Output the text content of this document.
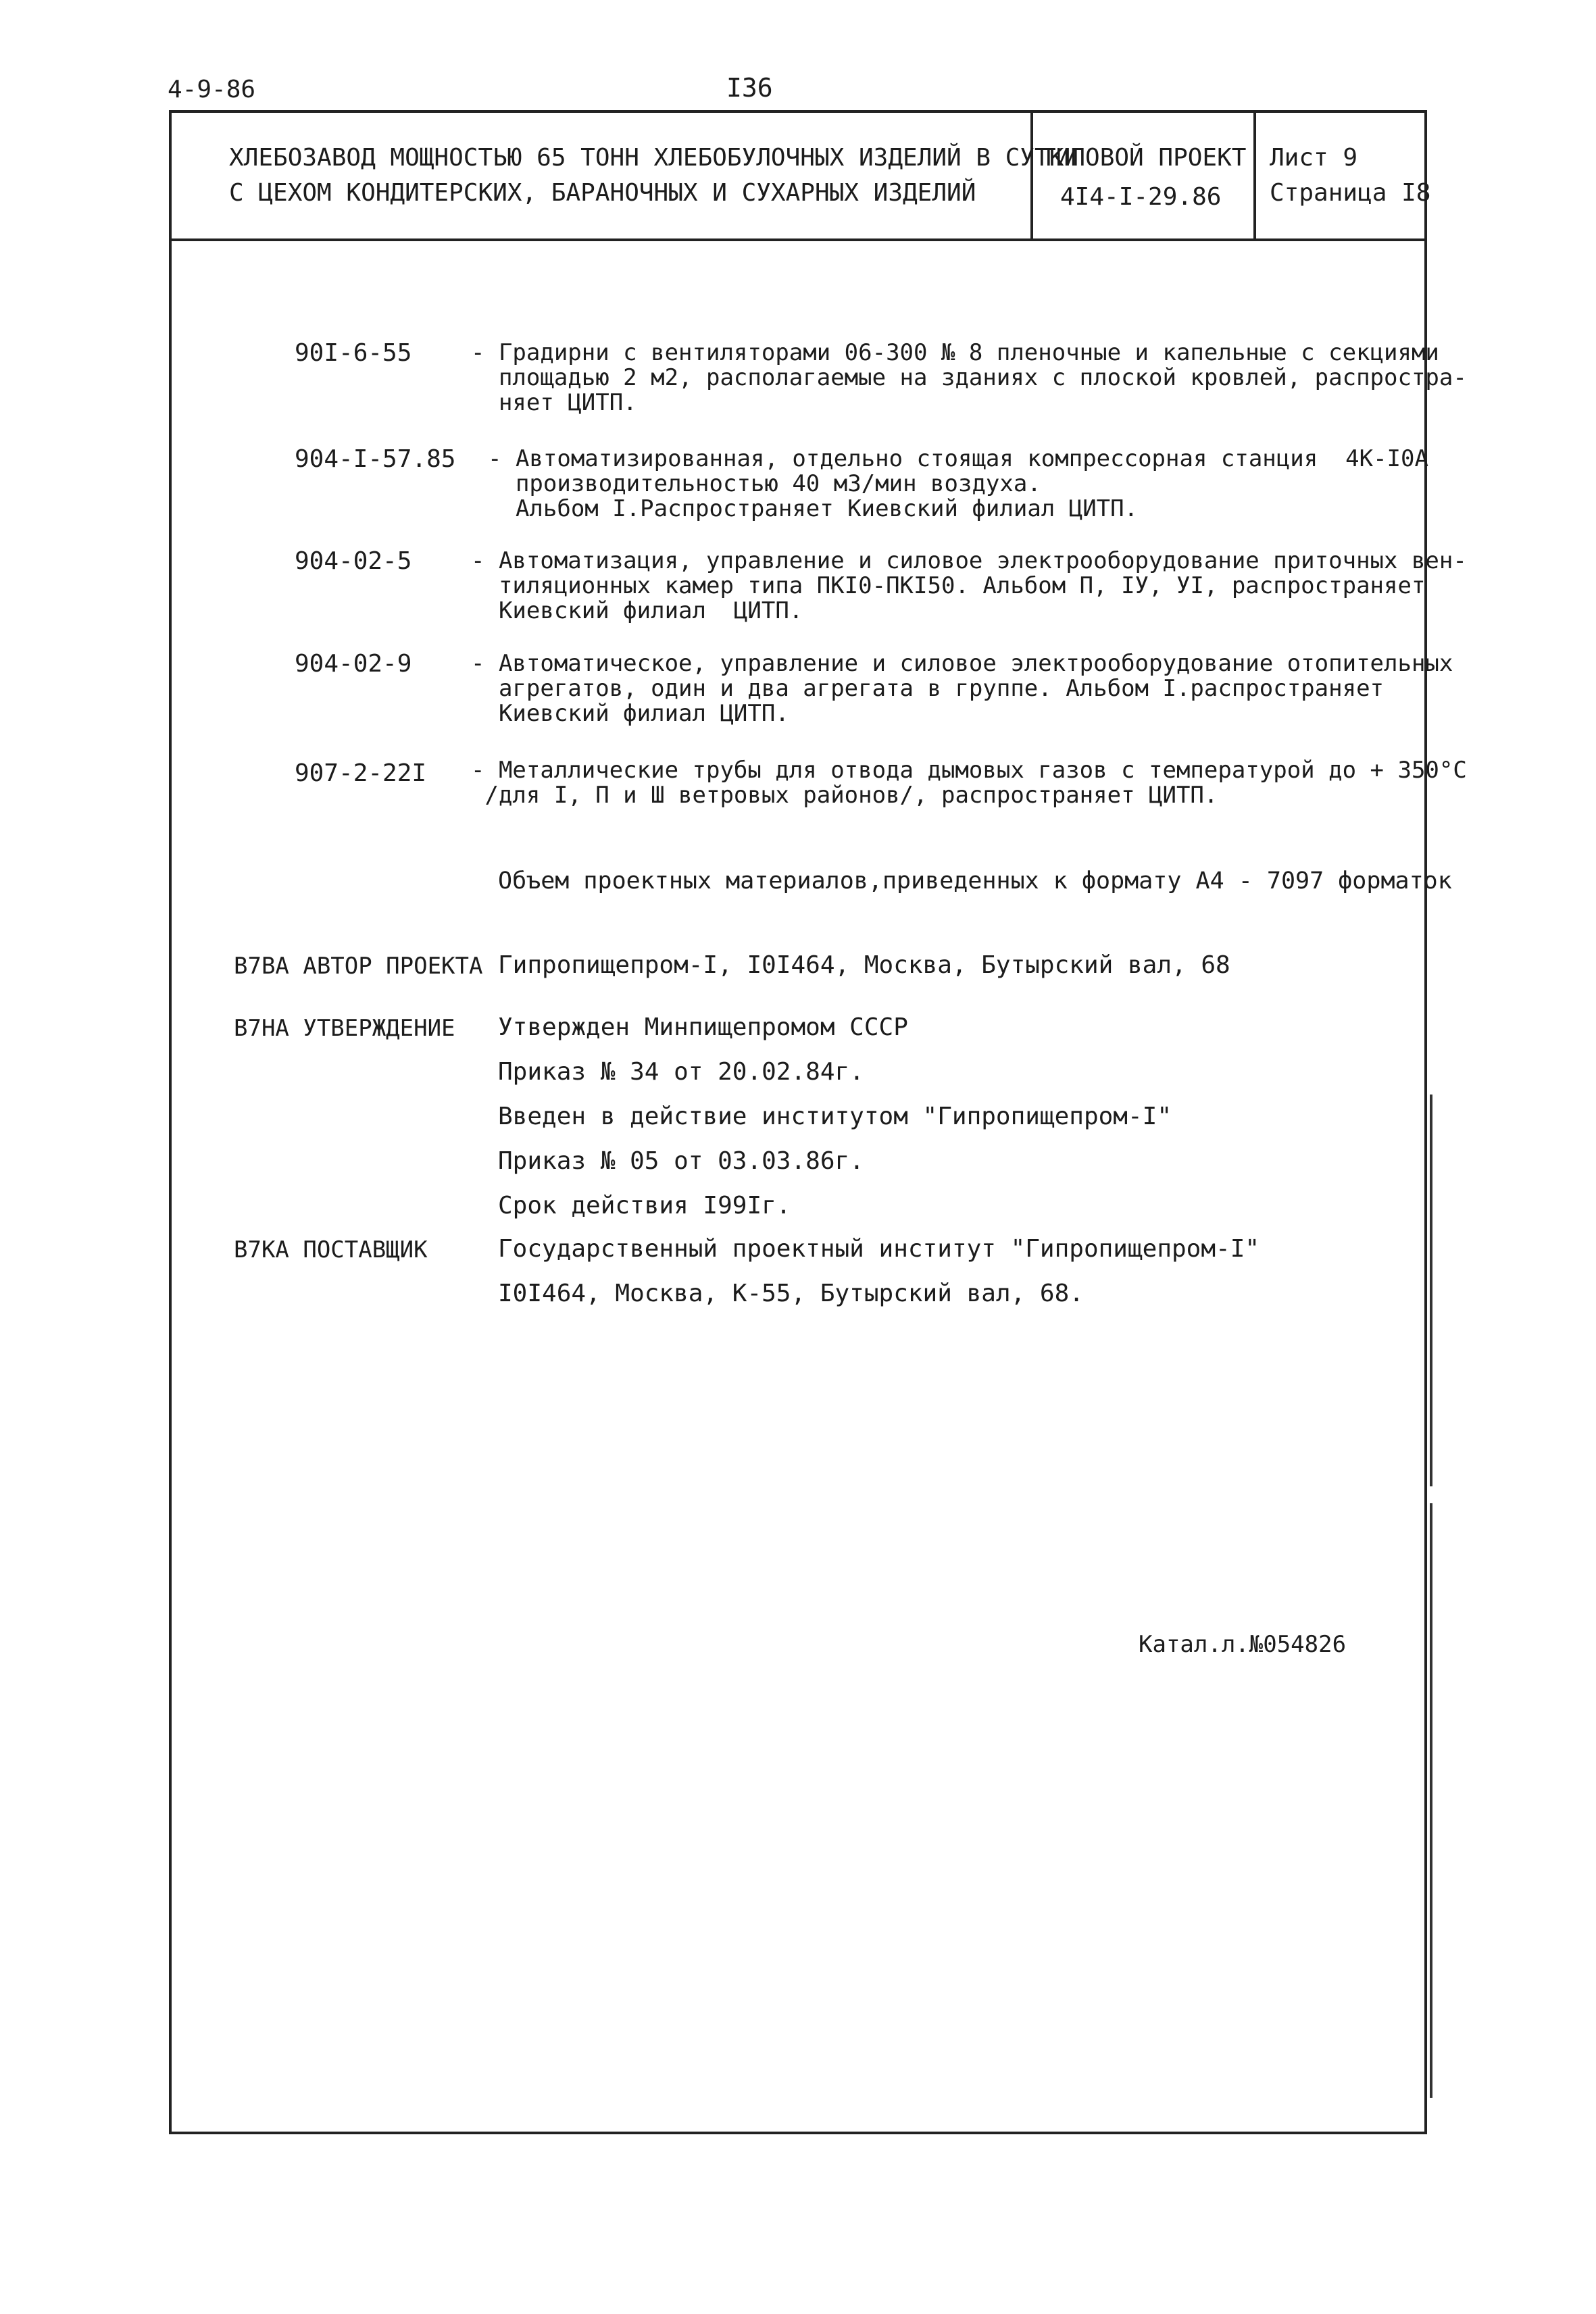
4-9-86	I36
ХЛЕБОЗАВОД МОЩНОСТЬЮ 65 ТОНН ХЛЕБОБУЛОЧНЫХ ИЗДЕЛИЙ В СУТКИ
С ЦЕХОМ КОНДИТЕРСКИХ, БАРАНОЧНЫХ И СУХАРНЫХ ИЗДЕЛИЙ
ТИПОВОЙ ПРОЕКТ
4I4-I-29.86
Лист 9
Страница I8
90I-6-55	- Градирни с вентиляторами 06-300 № 8 пленочные и капельные с секциями
площадью 2 м2, располагаемые на зданиях с плоской кровлей, распростра-
няет ЦИТП.
904-I-57.85 - Автоматизированная, отдельно стоящая компрессорная станция  4К-I0А
производительностью 40 м3/мин воздуха.
Альбом I.Распространяет Киевский филиал ЦИТП.
904-02-5	- Автоматизация, управление и силовое электрооборудование приточных вен-
тиляционных камер типа ПКI0-ПКI50. Альбом П, IУ, УI, распространяет
Киевский филиал  ЦИТП.
904-02-9	- Автоматическое, управление и силовое электрооборудование отопительных
агрегатов, один и два агрегата в группе. Альбом I.распространяет
Киевский филиал ЦИТП.
907-2-22I - Металлические трубы для отвода дымовых газов с температурой до + 350°С
/для I, П и Ш ветровых районов/, распространяет ЦИТП.
Объем проектных материалов,приведенных к формату А4 - 7097 форматок
В7ВА АВТОР ПРОЕКТА Гипропищепром-I, I0I464, Москва, Бутырский вал, 68
В7НА УТВЕРЖДЕНИЕ Утвержден Минпищепромом СССР
Приказ № 34 от 20.02.84г.
Введен в действие институтом "Гипропищепром-I"
Приказ № 05 от 03.03.86г.
Срок действия I99Iг.
В7КА ПОСТАВЩИК	Государственный проектный институт "Гипропищепром-I"
I0I464, Москва, К-55, Бутырский вал, 68.
Катал.л.№054826
